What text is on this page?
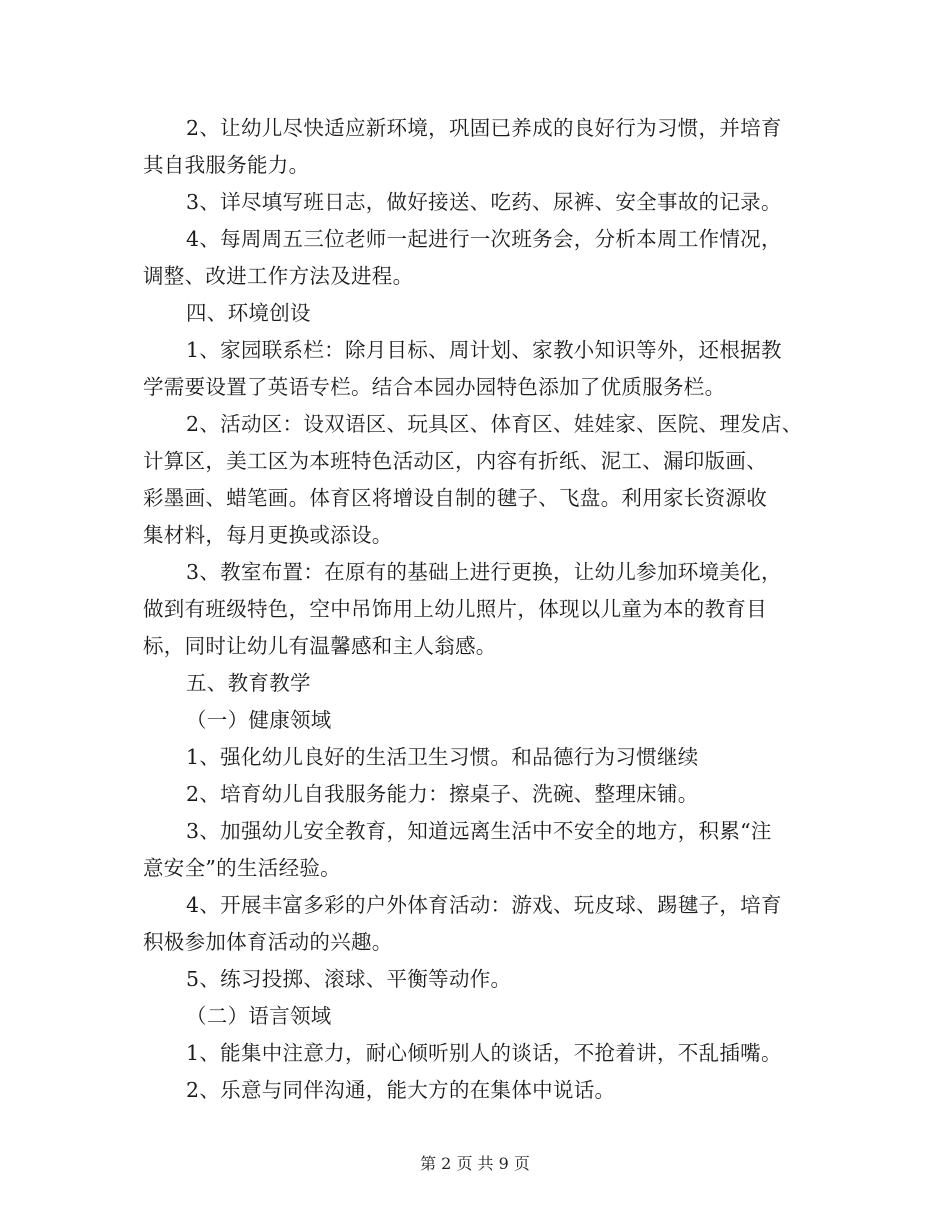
2、让幼儿尽快适应新环境，巩固已养成的良好行为习惯，并培育
其自我服务能力。
3、详尽填写班日志，做好接送、吃药、尿裤、安全事故的记录。
4、每周周五三位老师一起进行一次班务会，分析本周工作情况，
调整、改进工作方法及进程。
四、环境创设
1、家园联系栏：除月目标、周计划、家教小知识等外，还根据教
学需要设置了英语专栏。结合本园办园特色添加了优质服务栏。
2、活动区：设双语区、玩具区、体育区、娃娃家、医院、理发店、
计算区，美工区为本班特色活动区，内容有折纸、泥工、漏印版画、
彩墨画、蜡笔画。体育区将增设自制的毽子、飞盘。利用家长资源收
集材料，每月更换或添设。
3、教室布置：在原有的基础上进行更换，让幼儿参加环境美化，
做到有班级特色，空中吊饰用上幼儿照片，体现以儿童为本的教育目
标，同时让幼儿有温馨感和主人翁感。
五、教育教学
（一）健康领域
1、强化幼儿良好的生活卫生习惯。和品德行为习惯继续
2、培育幼儿自我服务能力：擦桌子、洗碗、整理床铺。
3、加强幼儿安全教育，知道远离生活中不安全的地方，积累“注
意安全”的生活经验。
4、开展丰富多彩的户外体育活动：游戏、玩皮球、踢毽子，培育
积极参加体育活动的兴趣。
5、练习投掷、滚球、平衡等动作。
（二）语言领域
1、能集中注意力，耐心倾听别人的谈话，不抢着讲，不乱插嘴。
2、乐意与同伴沟通，能大方的在集体中说话。
第 2 页 共 9 页
